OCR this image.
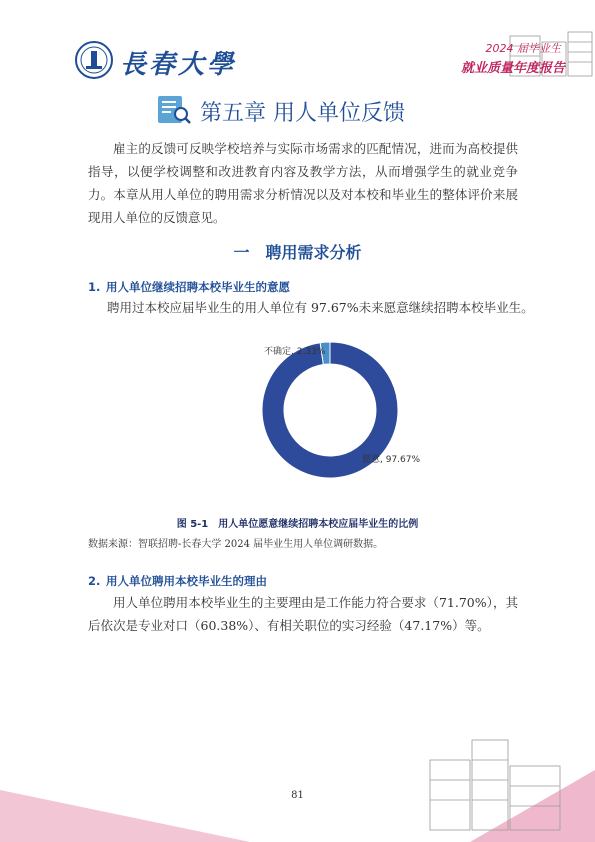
長春大學
2024 届毕业生
就业质量年度报告
第五章 用人单位反馈
雇主的反馈可反映学校培养与实际市场需求的匹配情况，进而为高校提供指导，以便学校调整和改进教育内容及教学方法，从而增强学生的就业竞争力。本章从用人单位的聘用需求分析情况以及对本校和毕业生的整体评价来展现用人单位的反馈意见。
一　聘用需求分析
1. 用人单位继续招聘本校毕业生的意愿
聘用过本校应届毕业生的用人单位有 97.67%未来愿意继续招聘本校毕业生。
不确定, 2.33%
愿意, 97.67%
图 5-1　用人单位愿意继续招聘本校应届毕业生的比例
数据来源：智联招聘-长春大学 2024 届毕业生用人单位调研数据。
2. 用人单位聘用本校毕业生的理由
用人单位聘用本校毕业生的主要理由是工作能力符合要求（71.70%），其后依次是专业对口（60.38%）、有相关职位的实习经验（47.17%）等。
81
